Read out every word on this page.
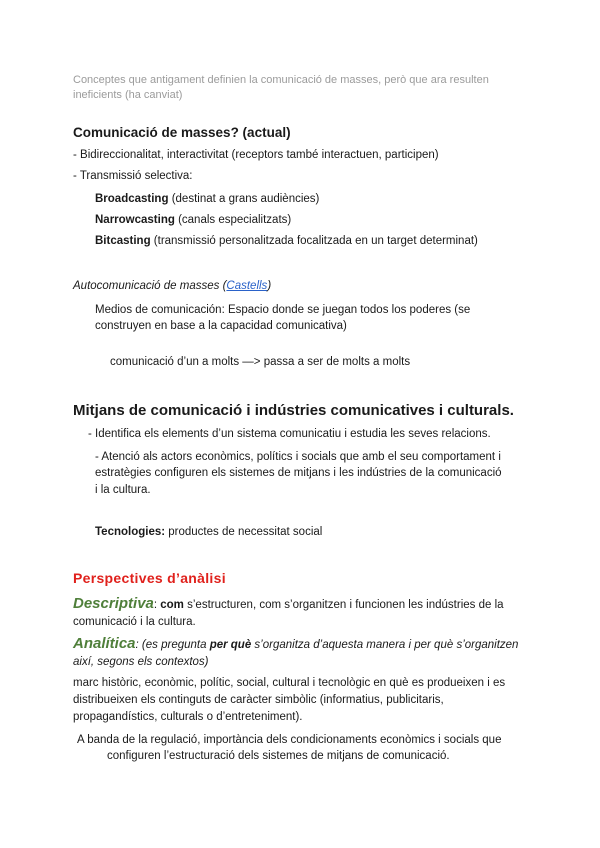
Conceptes que antigament definien la comunicació de masses, però que ara resulten
ineficients (ha canviat)
Comunicació de masses? (actual)
- Bidireccionalitat, interactivitat (receptors també interactuen, participen)
- Transmissió selectiva:
Broadcasting (destinat a grans audiències)
Narrowcasting (canals especialitzats)
Bitcasting (transmissió personalitzada focalitzada en un target determinat)
Autocomunicació de masses (Castells)
Medios de comunicación: Espacio donde se juegan todos los poderes (se
construyen en base a la capacidad comunicativa)
comunicació d’un a molts —> passa a ser de molts a molts
Mitjans de comunicació i indústries comunicatives i culturals.
- Identifica els elements d’un sistema comunicatiu i estudia les seves relacions.
- Atenció als actors econòmics, polítics i socials que amb el seu comportament i
estratègies configuren els sistemes de mitjans i les indústries de la comunicació
i la cultura.
Tecnologies: productes de necessitat social
Perspectives d’anàlisi
Descriptiva: com s’estructuren, com s’organitzen i funcionen les indústries de la
comunicació i la cultura.
Analítica: (es pregunta per què s’organitza d’aquesta manera i per què s’organitzen
així, segons els contextos)
marc històric, econòmic, polític, social, cultural i tecnològic en què es produeixen i es
distribueixen els continguts de caràcter simbòlic (informatius, publicitaris,
propagandístics, culturals o d’entreteniment).
A banda de la regulació, importància dels condicionaments econòmics i socials que
configuren l’estructuració dels sistemes de mitjans de comunicació.
